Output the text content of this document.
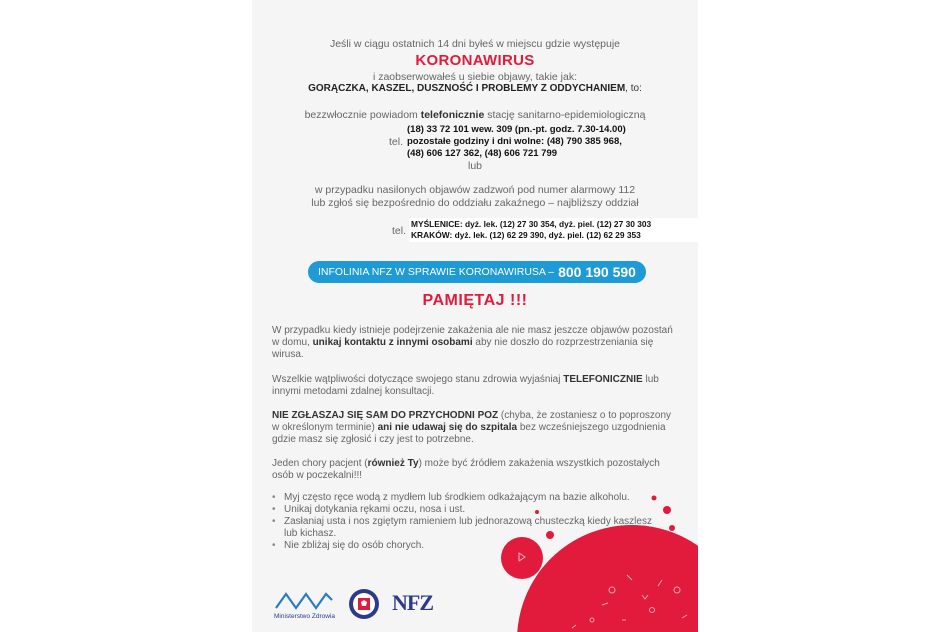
Jeśli w ciągu ostatnich 14 dni byłeś w miejscu gdzie występuje
KORONAWIRUS
i zaobserwowałeś u siebie objawy, takie jak:
GORĄCZKA, KASZEL, DUSZNOŚĆ I PROBLEMY Z ODDYCHANIEM, to:
bezzwłocznie powiadom telefonicznie stację sanitarno-epidemiologiczną
tel.
(18) 33 72 101 wew. 309 (pn.-pt. godz. 7.30-14.00)
pozostałe godziny i dni wolne: (48) 790 385 968,
(48) 606 127 362, (48) 606 721 799
lub
w przypadku nasilonych objawów zadzwoń pod numer alarmowy 112
lub zgłoś się bezpośrednio do oddziału zakaźnego – najbliższy oddział
tel.
MYŚLENICE: dyż. lek. (12) 27 30 354, dyż. piel. (12) 27 30 303
KRAKÓW: dyż. lek. (12) 62 29 390, dyż. piel. (12) 62 29 353
INFOLINIA NFZ W SPRAWIE KORONAWIRUSA – 800 190 590
PAMIĘTAJ !!!
W przypadku kiedy istnieje podejrzenie zakażenia ale nie masz jeszcze objawów pozostań w domu, unikaj kontaktu z innymi osobami aby nie doszło do rozprzestrzeniania się wirusa.
Wszelkie wątpliwości dotyczące swojego stanu zdrowia wyjaśniaj TELEFONICZNIE lub innymi metodami zdalnej konsultacji.
NIE ZGŁASZAJ SIĘ SAM DO PRZYCHODNI POZ (chyba, że zostaniesz o to poproszony w określonym terminie) ani nie udawaj się do szpitala bez wcześniejszego uzgodnienia gdzie masz się zgłosić i czy jest to potrzebne.
Jeden chory pacjent (również Ty) może być źródłem zakażenia wszystkich pozostałych osób w poczekalni!!!
• Myj często ręce wodą z mydłem lub środkiem odkażającym na bazie alkoholu.
• Unikaj dotykania rękami oczu, nosa i ust.
• Zasłaniaj usta i nos zgiętym ramieniem lub jednorazową chusteczką kiedy kaszlesz lub kichasz.
• Nie zbliżaj się do osób chorych.
Ministerstwo Zdrowia
NFZ
